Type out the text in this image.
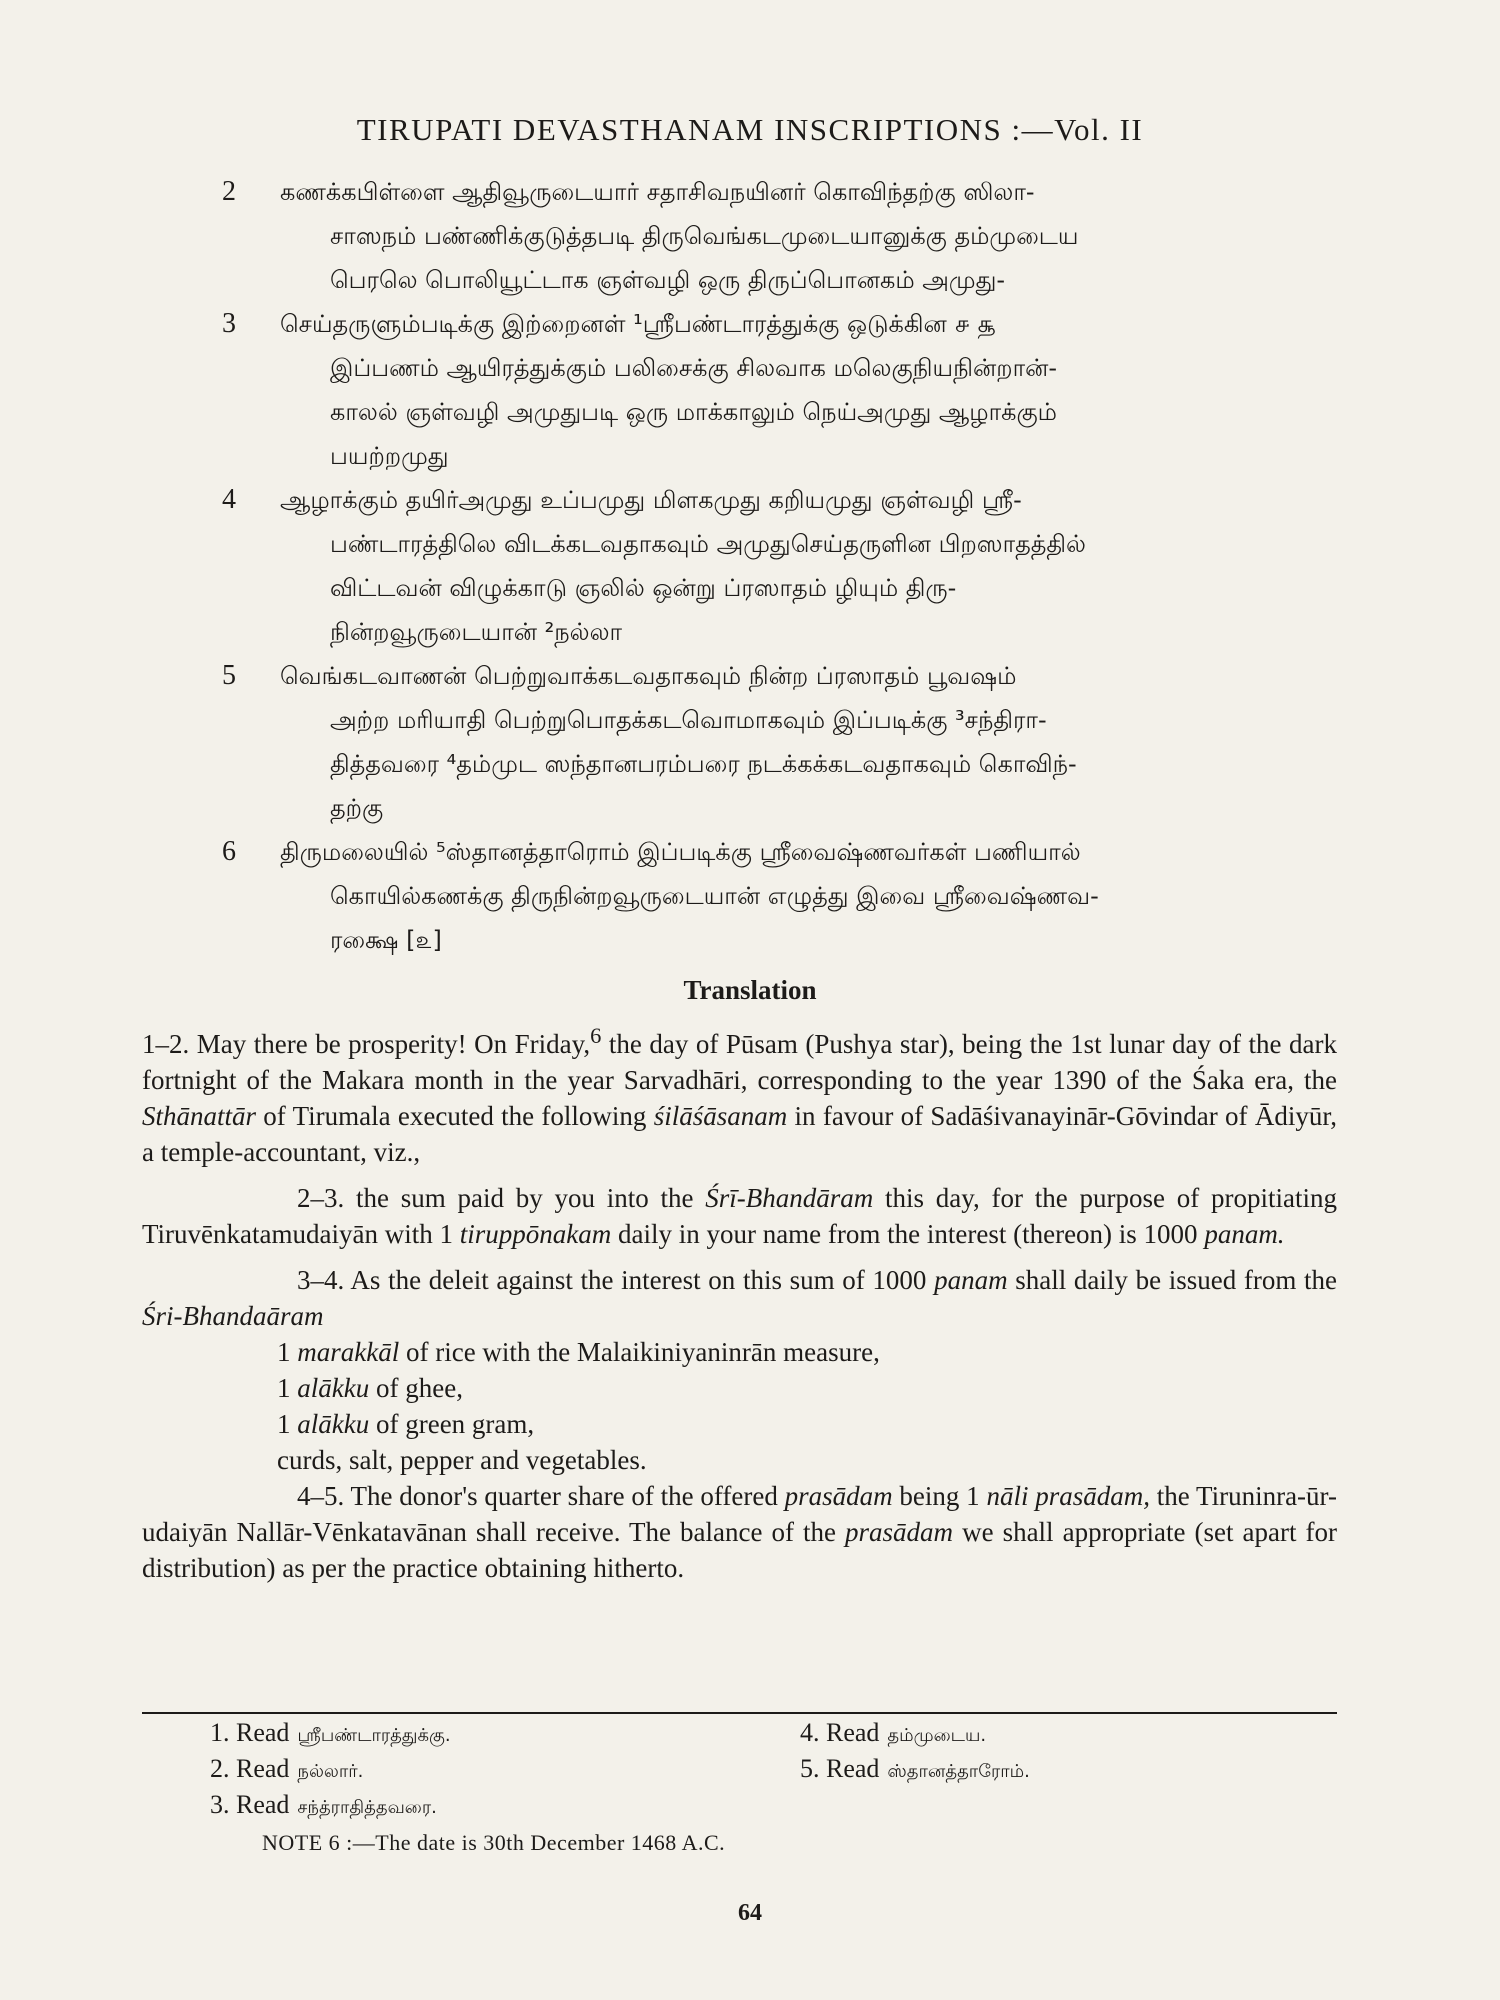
TIRUPATI DEVASTHANAM INSCRIPTIONS :—Vol. II
2 கணக்கபிள்ளை ஆதிவூருடையார் சதாசிவநயினர் கொவிந்தற்கு ஸிலா-
சாஸநம் பண்ணிக்குடுத்தபடி திருவெங்கடமுடையானுக்கு தம்முடைய
பெரலெ பொலியூட்டாக ஞள்வழி ஒரு திருப்பொனகம் அமுது-
3 செய்தருளும்படிக்கு இற்றைனள் ¹ஸ்ரீபண்டாரத்துக்கு ஒடுக்கின ௪ ௲
இப்பணம் ஆயிரத்துக்கும் பலிசைக்கு சிலவாக மலெகுநியநின்றான்-
காலல் ஞள்வழி அமுதுபடி ஒரு மாக்காலும் நெய்அமுது ஆழாக்கும்
பயற்றமுது
4 ஆழாக்கும் தயிர்அமுது உப்பமுது மிளகமுது கறியமுது ஞள்வழி ஸ்ரீ-
பண்டாரத்திலெ விடக்கடவதாகவும் அமுதுசெய்தருளின பிறஸாதத்தில்
விட்டவன் விழுக்காடு ஞலில் ஒன்று ப்ரஸாதம் ழியும் திரு-
நின்றவூருடையான் ²நல்லா
5 வெங்கடவாணன் பெற்றுவாக்கடவதாகவும் நின்ற ப்ரஸாதம் பூவஷம்
அற்ற மரியாதி பெற்றுபொதக்கடவொமாகவும் இப்படிக்கு ³சந்திரா-
தித்தவரை ⁴தம்முட ஸந்தானபரம்பரை நடக்கக்கடவதாகவும் கொவிந்-
தற்கு
6 திருமலையில் ⁵ஸ்தானத்தாரொம் இப்படிக்கு ஸ்ரீவைஷ்ணவர்கள் பணியால்
கொயில்கணக்கு திருநின்றவூருடையான் எழுத்து இவை ஸ்ரீவைஷ்ணவ-
ரக்ஷை [௨]
Translation

1–2. May there be prosperity! On Friday,$^6$ the day of Pūsam (Pushya star), being the 1st lunar day of the dark fortnight of the Makara month in the year Sarvadhāri, corresponding to the year 1390 of the Śaka era, the Sthānattār of Tirumala executed the following śilāśāsanam in favour of Sadāśivanayinār-Gōvindar of Ādiyūr, a temple-accountant, viz.,

2–3. the sum paid by you into the Śrī-Bhandāram this day, for the purpose of propitiating Tiruvēnkatamudaiyān with 1 tiruppōnakam daily in your name from the interest (thereon) is 1000 panam.

3–4. As the deleit against the interest on this sum of 1000 panam shall daily be issued from the Śri-Bhandaāram

1 marakkāl of rice with the Malaikiniyaninrān measure,

1 alākku of ghee,

1 alākku of green gram,

curds, salt, pepper and vegetables.

4–5. The donor's quarter share of the offered prasādam being 1 nāli prasādam, the Tiruninra-ūr-udaiyān Nallār-Vēnkatavānan shall receive. The balance of the prasādam we shall appropriate (set apart for distribution) as per the practice obtaining hitherto.

1. Read ஸ்ரீபண்டாரத்துக்கு.	4. Read தம்முடைய.
2. Read நல்லார்.	5. Read ஸ்தானத்தாரோம்.
3. Read சந்த்ராதித்தவரை.
NOTE 6 :—The date is 30th December 1468 A.C.
64
